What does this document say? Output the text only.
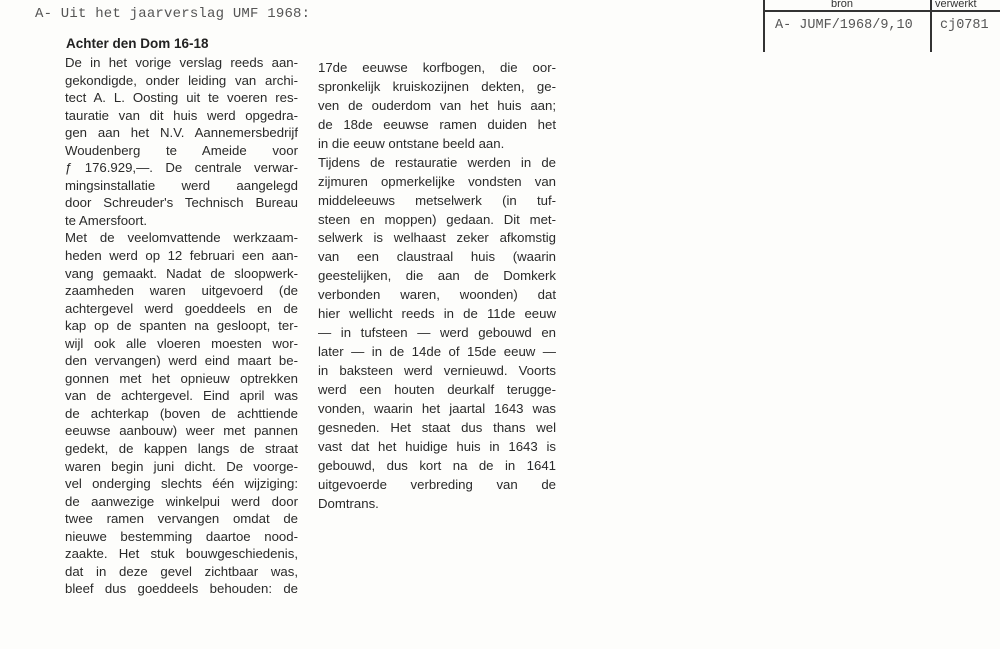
A- Uit het jaarverslag UMF 1968:
bron	verwerkt
A- JUMF/1968/9,10 cj0781
Achter den Dom 16-18
De in het vorige verslag reeds aan-
gekondigde, onder leiding van archi-
tect A. L. Oosting uit te voeren res-
tauratie van dit huis werd opgedra-
gen aan het N.V. Aannemersbedrijf
Woudenberg te Ameide voor
ƒ 176.929,—. De centrale verwar-
mingsinstallatie werd aangelegd
door Schreuder's Technisch Bureau
te Amersfoort.
Met de veelomvattende werkzaam-
heden werd op 12 februari een aan-
vang gemaakt. Nadat de sloopwerk-
zaamheden waren uitgevoerd (de
achtergevel werd goeddeels en de
kap op de spanten na gesloopt, ter-
wijl ook alle vloeren moesten wor-
den vervangen) werd eind maart be-
gonnen met het opnieuw optrekken
van de achtergevel. Eind april was
de achterkap (boven de achttiende
eeuwse aanbouw) weer met pannen
gedekt, de kappen langs de straat
waren begin juni dicht. De voorge-
vel onderging slechts één wijziging:
de aanwezige winkelpui werd door
twee ramen vervangen omdat de
nieuwe bestemming daartoe nood-
zaakte. Het stuk bouwgeschiedenis,
dat in deze gevel zichtbaar was,
bleef dus goeddeels behouden: de
17de eeuwse korfbogen, die oor-
spronkelijk kruiskozijnen dekten, ge-
ven de ouderdom van het huis aan;
de 18de eeuwse ramen duiden het
in die eeuw ontstane beeld aan.
Tijdens de restauratie werden in de
zijmuren opmerkelijke vondsten van
middeleeuws metselwerk (in tuf-
steen en moppen) gedaan. Dit met-
selwerk is welhaast zeker afkomstig
van een claustraal huis (waarin
geestelijken, die aan de Domkerk
verbonden waren, woonden) dat
hier wellicht reeds in de 11de eeuw
— in tufsteen — werd gebouwd en
later — in de 14de of 15de eeuw —
in baksteen werd vernieuwd. Voorts
werd een houten deurkalf terugge-
vonden, waarin het jaartal 1643 was
gesneden. Het staat dus thans wel
vast dat het huidige huis in 1643 is
gebouwd, dus kort na de in 1641
uitgevoerde verbreding van de
Domtrans.
